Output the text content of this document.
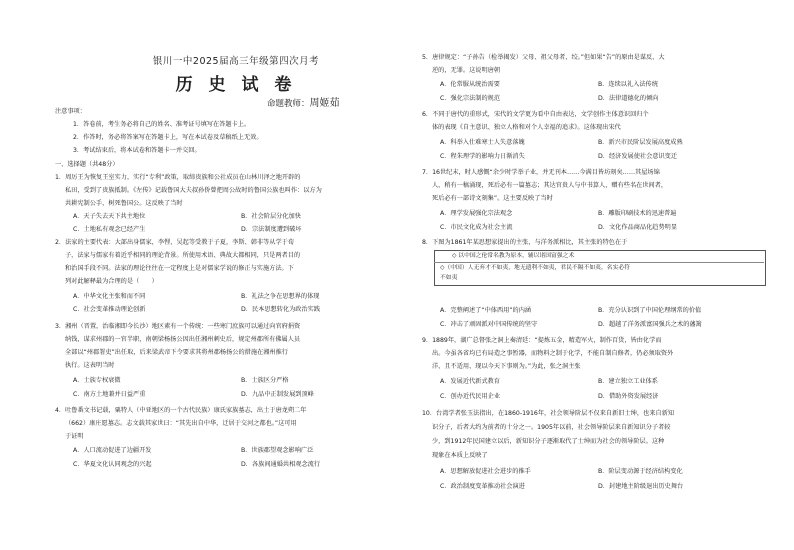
银川一中2025届高三年级第四次月考
历 史 试 卷
命题教师：周姬茹
注意事项：
1．答卷前，考生务必将自己的姓名、准考证号填写在答题卡上。
2．作答时，务必将答案写在答题卡上，写在本试卷及草稿纸上无效。
3．考试结束后，将本试卷和答题卡一并交回。
一、选择题（共48分）
1．周厉王为恢复王室实力，实行“专利”政策，取缔贵族和公社成员在山林川泽之地开辟的
私田，受到了贵族抵制。《左传》记载鲁国大夫叔孙侨曾把周公故时的鲁国公族也叫作：以方为
共耕宪制公手，树死鲁国公。这反映了当时
A．天子失去天下共主地位	B．社会阶层分化加快
C．土地私有观念已经产生	D．宗法制度遭到破坏
2．法家的主要代表：大部出身儒家，李悝、吴起等受教于子夏，李斯、韩非等从学于荀
子，法家与儒家有着近乎相同的理论背景。所使用术语、典故大都相同，只是两者目的
和治国手段不同。法家的理论往往在一定程度上是对儒家学说的修正与实施方法。下
列对此解释最为合理的是（　　）
A．中华文化主张和而不同	B．礼法之争在思想界的体现
C．社会变革推动理论创新	D．民本思想转化为政治实践
3．湘州（晋置，治临湘即今长沙）地区素有一个传统：一些寒门庶族可以通过向官府捐资
纳钱，谋求州郡的一官半职，南朝梁杨扬公因出任湘州刺史后，规定州郡所有佛属人员
全部以“州郡署吏”出任取，后来梁武帝下令要求其将州郡杨扬公的措施在湘州推行
执行。这表明当时
A．士族专权衰微	B．士族区分严格
C．南方土地兼并日益严重	D．九品中正制发展到顶峰
4．吐鲁番文书记载，粟特人（中亚地区的一个古代民族）康氏家族墓志，出土于唐龙朔二年
（662）康庄愿墓志。志文载其家世曰：“其先出自中华，迁居于交河之都也。”这可用
于证明
A．人口流动促进了边疆开发	B．世族郡望观念影响广泛
C．华夏文化认同观念的兴起	D．各族间通婚共相观念流行
5．唐律规定：“子孙告（检举揭发）父母、祖父母者，绞。”但如果“告”的原由是谋反、大
逆的，无罪。这说明唐朝
A．伦常服从统治需要	B．连续以礼入法传统
C．强化宗法制的规范	D．法律道德化的倾向
6．不同于唐代的重形式，宋代的文学更为看中自由表达，文学创作主体意识回归个
体的表现《自主意识、独立人格和对个人幸福的追求》。这体现出宋代
A．科举入仕难寒士人失意落魄	B．新兴市民阶层发展高度成熟
C．程朱理学的影响力日渐消失	D．经济发展使社会意识变迁
7．16世纪末，时人感慨“余少时学举子业，并无刊本……今满目皆坊刻矣……其屋场锦
人，稍有一稿涌现，死后必有一篇墓志；其达官贵人与中书算人，赠有些名在世间者，
死后必有一部诗文刻集”。这主要反映了当时
A．理学发展强化宗法观念	B．雕版印刷技术的迅速普遍
C．市民文化成为社会主流	D．文化作品商品化趋势明显
8．下图为1861年某思想家提出的主张，与洋务派相比，其主张的特色在于
◇ 以中国之伦常名教为原本，辅以诸国富强之术
◇（中国）人无弃才不如夷，地无遗利不如夷，君民不隔不如夷，名实必符
不如夷
A．完整阐述了“中体西用”的内涵	B．充分认识到了中国伦理纲常的价值
C．冲击了顽固派对中国传统的坚守	D．超越了洋务派富国强兵之术的藩篱
9．1889年，湖广总督张之洞上奏清廷：“提炼五金，精造军火，制作百货，皆由化学而
出。今虽各省均已有局造之事暂器，而物料之制于化学，不能自制自修者，仍必须取资外
洋，且不适用，现以今天下事则为。”为此，张之洞主张
A．发展近代新式教育	B．建立独立工业体系
C．创办近代民用企业	D．借助外资发展经济
10．台湾学者张玉法指出，在1860-1916年，社会领导阶层不仅来自新旧士绅，也来自新知
识分子，后者大约为前者的十分之一。1905年以前，社会领导阶层来自新知识分子者较
少，到1912年民国建立以后，新知识分子逐渐取代了士绅而为社会的领导阶层。这种
现象在本质上反映了
A．思想解放促进社会进步的推手	B．阶层变动源于经济结构变化
C．政治制度变革推动社会演进	D．封建地主阶级退出历史舞台
